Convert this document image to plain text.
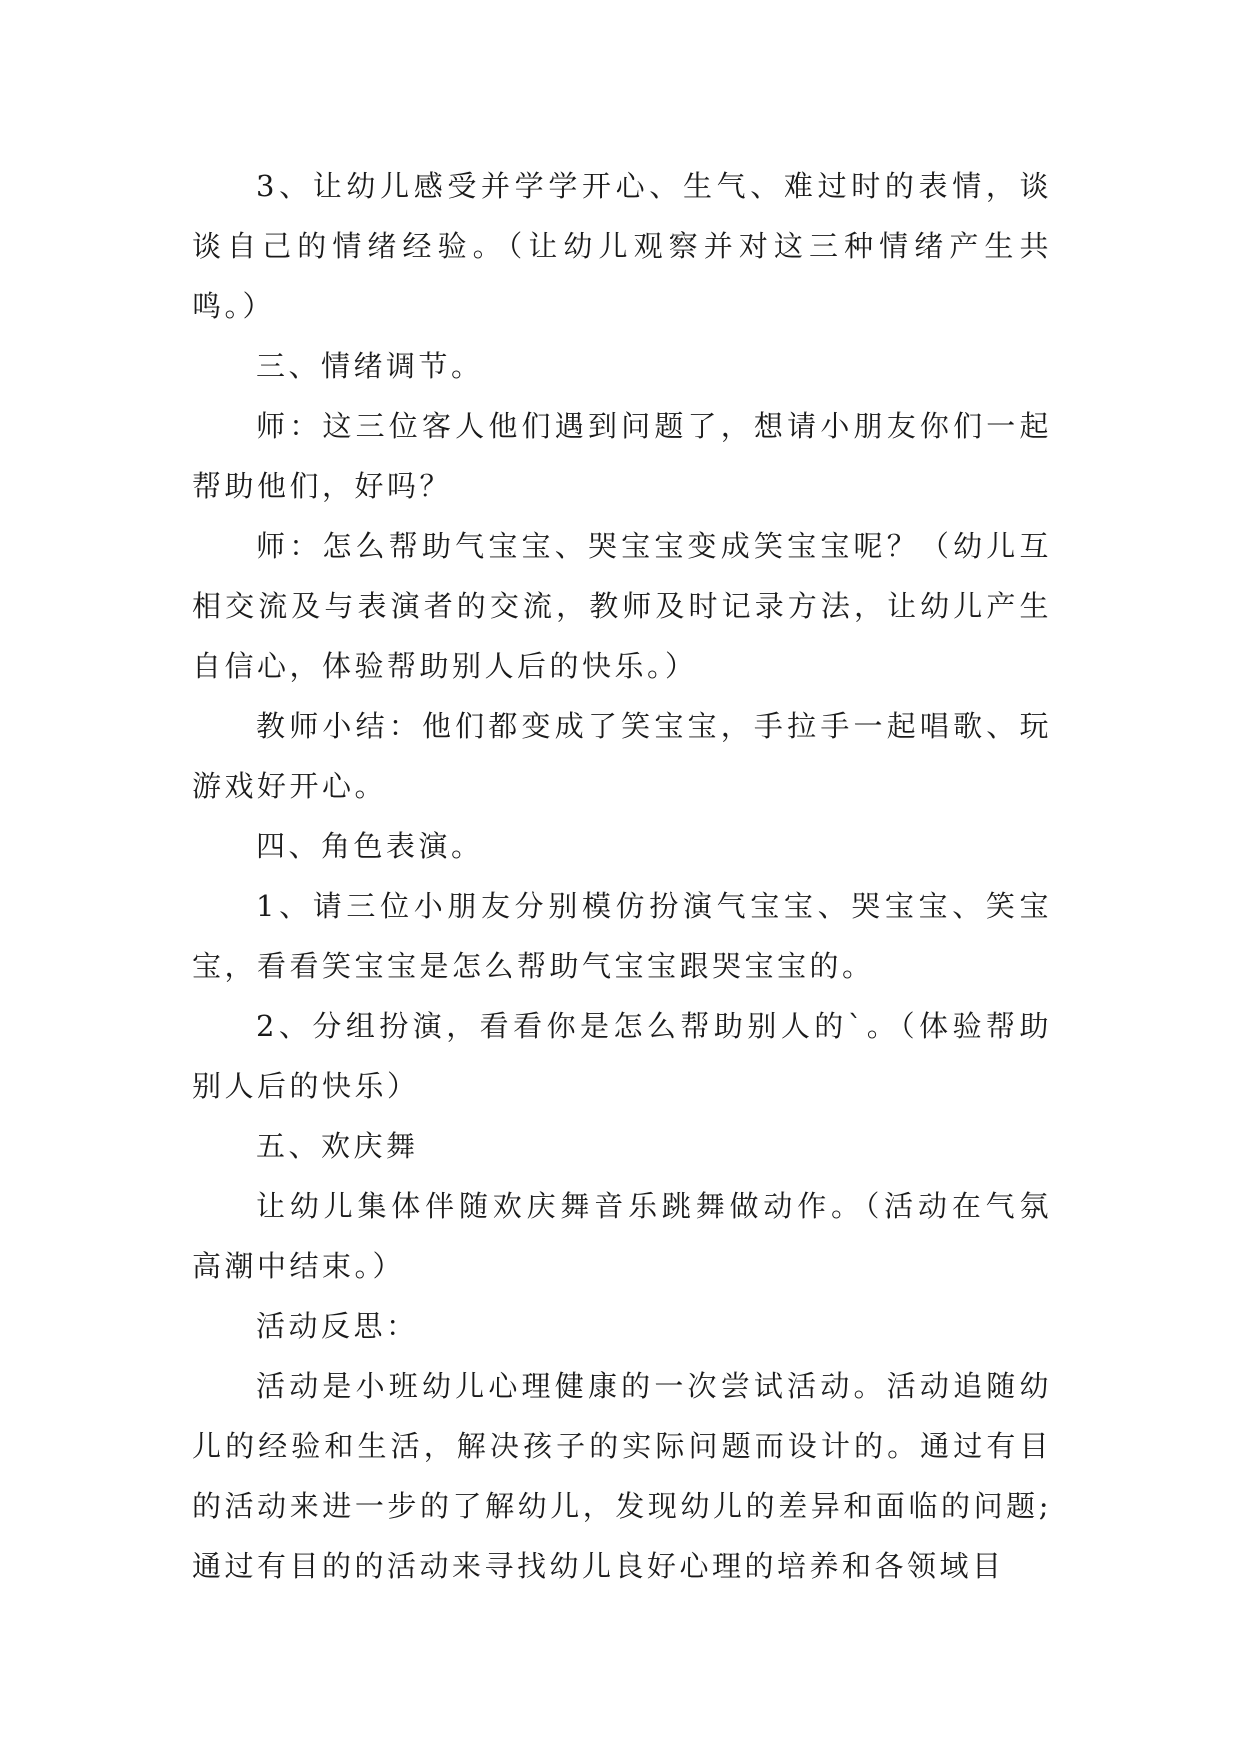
3、让幼儿感受并学学开心、生气、难过时的表情，谈谈自己的情绪经验。（让幼儿观察并对这三种情绪产生共鸣。）

三、情绪调节。

师：这三位客人他们遇到问题了，想请小朋友你们一起帮助他们，好吗？

师：怎么帮助气宝宝、哭宝宝变成笑宝宝呢？（幼儿互相交流及与表演者的交流，教师及时记录方法，让幼儿产生自信心，体验帮助别人后的快乐。）

教师小结：他们都变成了笑宝宝，手拉手一起唱歌、玩游戏好开心。

四、角色表演。

1、请三位小朋友分别模仿扮演气宝宝、哭宝宝、笑宝宝，看看笑宝宝是怎么帮助气宝宝跟哭宝宝的。

2、分组扮演，看看你是怎么帮助别人的`。（体验帮助别人后的快乐）

五、欢庆舞

让幼儿集体伴随欢庆舞音乐跳舞做动作。（活动在气氛高潮中结束。）

活动反思：

活动是小班幼儿心理健康的一次尝试活动。活动追随幼儿的经验和生活，解决孩子的实际问题而设计的。通过有目的活动来进一步的了解幼儿，发现幼儿的差异和面临的问题;通过有目的的活动来寻找幼儿良好心理的培养和各领域目
